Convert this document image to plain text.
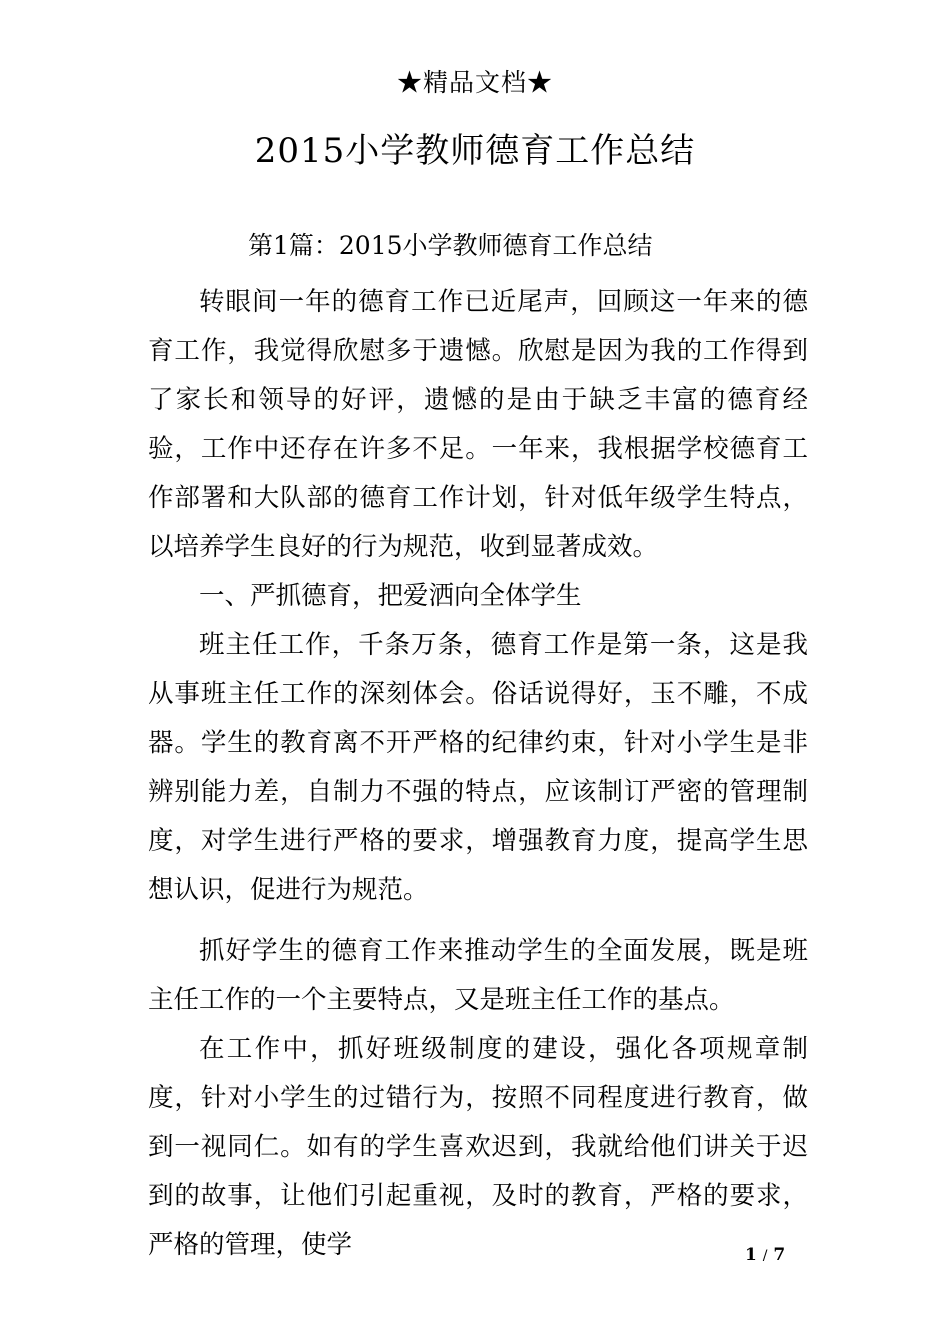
★精品文档★
2015小学教师德育工作总结
第1篇：2015小学教师德育工作总结

转眼间一年的德育工作已近尾声，回顾这一年来的德育工作，我觉得欣慰多于遗憾。欣慰是因为我的工作得到了家长和领导的好评，遗憾的是由于缺乏丰富的德育经验，工作中还存在许多不足。一年来，我根据学校德育工作部署和大队部的德育工作计划，针对低年级学生特点，以培养学生良好的行为规范，收到显著成效。

一、严抓德育，把爱洒向全体学生

班主任工作，千条万条，德育工作是第一条，这是我从事班主任工作的深刻体会。俗话说得好，玉不雕，不成器。学生的教育离不开严格的纪律约束，针对小学生是非辨别能力差，自制力不强的特点，应该制订严密的管理制度，对学生进行严格的要求，增强教育力度，提高学生思想认识，促进行为规范。

抓好学生的德育工作来推动学生的全面发展，既是班主任工作的一个主要特点，又是班主任工作的基点。

在工作中，抓好班级制度的建设，强化各项规章制度，针对小学生的过错行为，按照不同程度进行教育，做到一视同仁。如有的学生喜欢迟到，我就给他们讲关于迟到的故事，让他们引起重视，及时的教育，严格的要求，严格的管理，使学	1 / 7
